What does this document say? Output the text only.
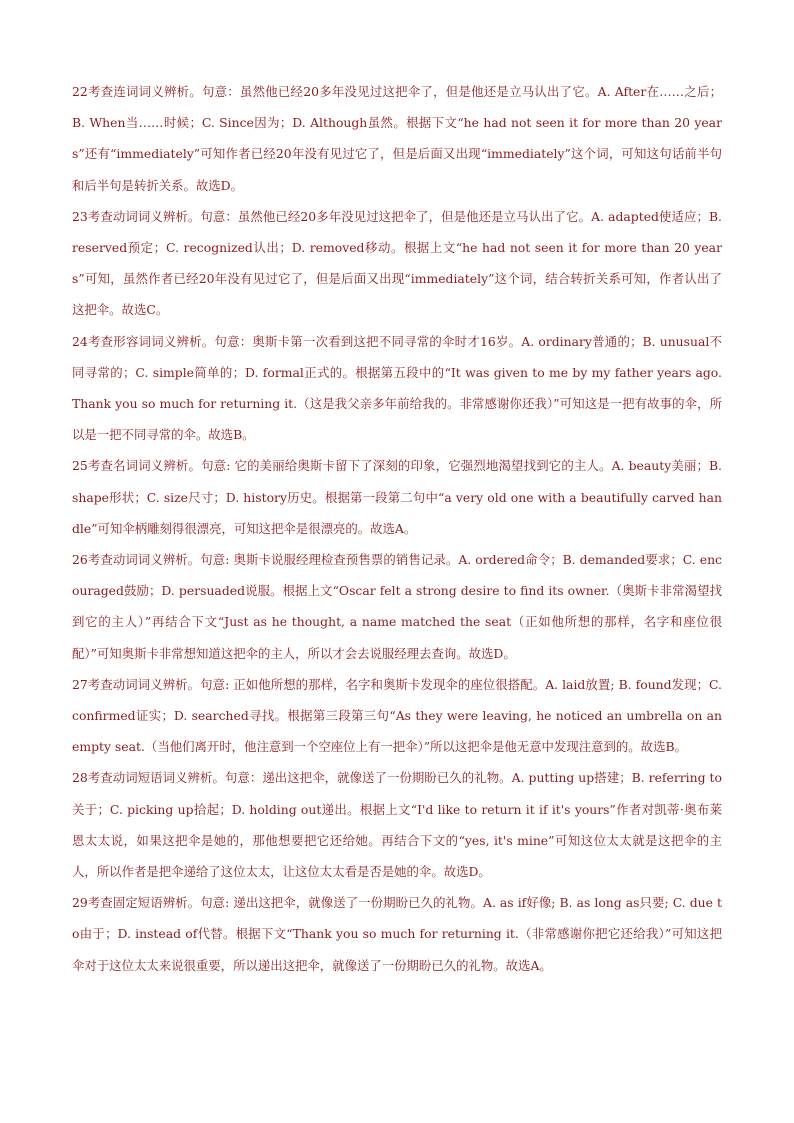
22考查连词词义辨析。句意：虽然他已经20多年没见过这把伞了，但是他还是立马认出了它。A. After在……之后；B. When当……时候；C. Since因为；D. Although虽然。根据下文“he had not seen it for more than 20 years”还有“immediately”可知作者已经20年没有见过它了，但是后面又出现“immediately”这个词，可知这句话前半句和后半句是转折关系。故选D。

23考查动词词义辨析。句意：虽然他已经20多年没见过这把伞了，但是他还是立马认出了它。A. adapted使适应；B. reserved预定；C. recognized认出；D. removed移动。根据上文“he had not seen it for more than 20 years”可知，虽然作者已经20年没有见过它了，但是后面又出现“immediately”这个词，结合转折关系可知，作者认出了这把伞。故选C。

24考查形容词词义辨析。句意：奥斯卡第一次看到这把不同寻常的伞时才16岁。A. ordinary普通的；B. unusual不同寻常的；C. simple简单的；D. formal正式的。根据第五段中的“It was given to me by my father years ago. Thank you so much for returning it.（这是我父亲多年前给我的。非常感谢你还我）”可知这是一把有故事的伞，所以是一把不同寻常的伞。故选B。

25考查名词词义辨析。句意: 它的美丽给奥斯卡留下了深刻的印象，它强烈地渴望找到它的主人。A. beauty美丽；B. shape形状；C. size尺寸；D. history历史。根据第一段第二句中“a very old one with a beautifully carved handle”可知伞柄雕刻得很漂亮，可知这把伞是很漂亮的。故选A。

26考查动词词义辨析。句意: 奥斯卡说服经理检查预售票的销售记录。A. ordered命令；B. demanded要求；C. encouraged鼓励；D. persuaded说服。根据上文“Oscar felt a strong desire to find its owner.（奥斯卡非常渴望找到它的主人）”再结合下文“Just as he thought, a name matched the seat（正如他所想的那样，名字和座位很配）”可知奥斯卡非常想知道这把伞的主人，所以才会去说服经理去查询。故选D。

27考查动词词义辨析。句意: 正如他所想的那样，名字和奥斯卡发现伞的座位很搭配。A. laid放置; B. found发现；C. confirmed证实；D. searched寻找。根据第三段第三句“As they were leaving, he noticed an umbrella on an empty seat.（当他们离开时，他注意到一个空座位上有一把伞）”所以这把伞是他无意中发现注意到的。故选B。

28考查动词短语词义辨析。句意：递出这把伞，就像送了一份期盼已久的礼物。A. putting up搭建；B. referring to关于；C. picking up拾起；D. holding out递出。根据上文“I'd like to return it if it's yours”作者对凯蒂·奥布莱恩太太说，如果这把伞是她的，那他想要把它还给她。再结合下文的“yes, it's mine”可知这位太太就是这把伞的主人，所以作者是把伞递给了这位太太，让这位太太看是否是她的伞。故选D。

29考查固定短语辨析。句意: 递出这把伞，就像送了一份期盼已久的礼物。A. as if好像; B. as long as只要; C. due to由于；D. instead of代替。根据下文“Thank you so much for returning it.（非常感谢你把它还给我）”可知这把伞对于这位太太来说很重要，所以递出这把伞，就像送了一份期盼已久的礼物。故选A。
